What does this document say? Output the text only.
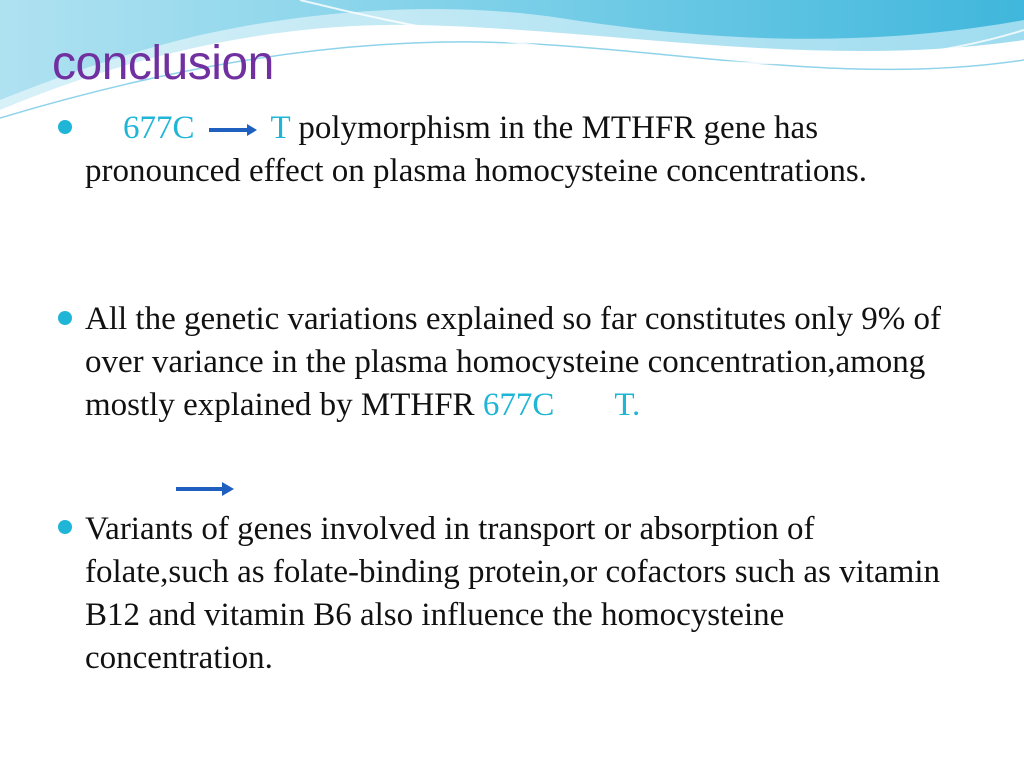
conclusion

677C T polymorphism in the MTHFR gene has pronounced effect on plasma homocysteine concentrations.

All the genetic variations explained so far constitutes only 9% of over variance in the plasma homocysteine concentration,among mostly explained by MTHFR 677C T.

Variants of genes involved in transport or absorption of folate,such as folate-binding protein,or cofactors such as vitamin B12 and vitamin B6 also influence the homocysteine concentration.
